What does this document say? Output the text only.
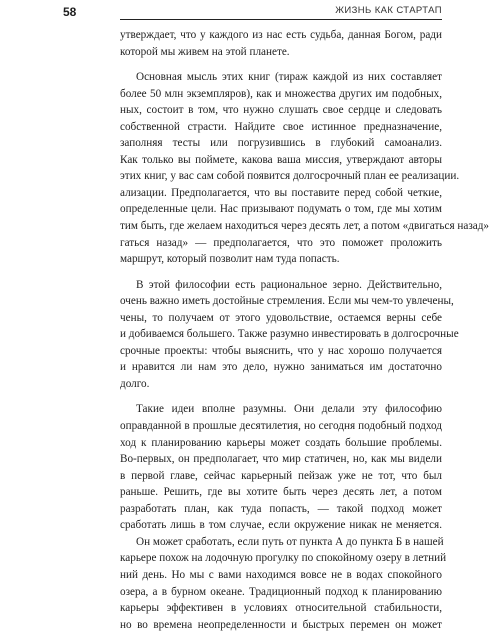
58	ЖИЗНЬ КАК СТАРТАП
утверждает, что у каждого из нас есть судьба, данная Богом, ради
которой мы живем на этой планете.
Основная мысль этих книг (тираж каждой из них составляет
более 50 млн экземпляров), как и множества других им подобных,
ных, состоит в том, что нужно слушать свое сердце и следовать
собственной страсти. Найдите свое истинное предназначение,
заполняя тесты или погрузившись в глубокий самоанализ.
Как только вы поймете, какова ваша миссия, утверждают авторы
этих книг, у вас сам собой появится долгосрочный план ее реализации.
ализации. Предполагается, что вы поставите перед собой четкие,
определенные цели. Нас призывают подумать о том, где мы хотим
тим быть, где желаем находиться через десять лет, а потом «двигаться назад»
гаться назад» — предполагается, что это поможет проложить
маршрут, который позволит нам туда попасть.
В этой философии есть рациональное зерно. Действительно,
очень важно иметь достойные стремления. Если мы чем-то увлечены,
чены, то получаем от этого удовольствие, остаемся верны себе
и добиваемся большего. Также разумно инвестировать в долгосрочные
срочные проекты: чтобы выяснить, что у нас хорошо получается
и нравится ли нам это дело, нужно заниматься им достаточно
долго.
Такие идеи вполне разумны. Они делали эту философию
оправданной в прошлые десятилетия, но сегодня подобный подход
ход к планированию карьеры может создать большие проблемы.
Во-первых, он предполагает, что мир статичен, но, как мы видели
в первой главе, сейчас карьерный пейзаж уже не тот, что был
раньше. Решить, где вы хотите быть через десять лет, а потом
разработать план, как туда попасть, — такой подход может
сработать лишь в том случае, если окружение никак не меняется.
Он может сработать, если путь от пункта А до пункта Б в нашей
карьере похож на лодочную прогулку по спокойному озеру в летний
ний день. Но мы с вами находимся вовсе не в водах спокойного
озера, а в бурном океане. Традиционный подход к планированию
карьеры эффективен в условиях относительной стабильности,
но во времена неопределенности и быстрых перемен он может
